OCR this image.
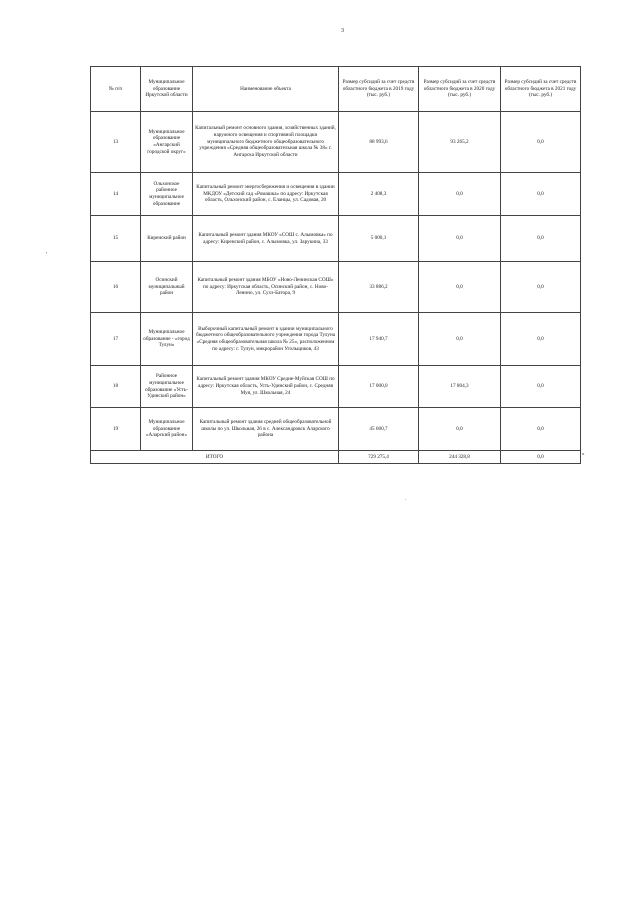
3
№ п/п	Муниципальное образование Иркутской области	Наименование объекта	Размер субсидий за счет средств областного бюджета в 2019 году (тыс. руб.)	Размер субсидий за счет средств областного бюджета в 2020 году (тыс. руб.)	Размер субсидий за счет средств областного бюджета в 2021 году (тыс. руб.)
13	Муниципальное образование «Ангарский городской округ»	Капитальный ремонт основного здания, хозяйственных зданий, наружного освещения и спортивной площадки муниципального бюджетного общеобразовательного учреждения «Средняя общеобразовательная школа № 38» г. Ангарска Иркутской области	88 993,6	93 265,2	0,0
14	Ольхонское районное муниципальное образование	Капитальный ремонт энергосбережения и освещения в здании МКДОУ «Детский сад «Ромашка» по адресу: Иркутская область, Ольхонский район, с. Еланцы, ул. Садовая, 20	2 408,3	0,0	0,0
15	Киренский район	Капитальный ремонт здания МКОУ «СОШ с. Алымовка» по адресу: Киренский район, с. Алымовка, ул. Зарукина, 33	5 000,1	0,0	0,0
16	Осинский муниципальный район	Капитальный ремонт здания МБОУ «Ново-Ленинская СОШ» по адресу: Иркутская область, Осинский район, с. Ново-Ленино, ул. Сухэ-Батора, 9	33 886,2	0,0	0,0
17	Муниципальное образование - «город Тулун»	Выборочный капитальный ремонт в здании муниципального бюджетного общеобразовательного учреждения города Тулуна «Средняя общеобразовательная школа № 25», расположенном по адресу: г. Тулун, микрорайон Угольщиков, 43	17 940,7	0,0	0,0
18	Районное муниципальное образование «Усть-Удинский район»	Капитальный ремонт здания МКОУ Средне-Муйская СОШ по адресу: Иркутская область, Усть-Удинский район, с. Средняя Муя, ул. Школьная, 24	17 000,0	17 804,3	0,0
19	Муниципальное образование «Аларский район»	Капитальный ремонт здания средней общеобразовательной школы по ул. Школьная, 26 в с. Александровск Аларского района	45 600,7	0,0	0,0
ИТОГО			729 275,4	244 328,8	0,0	»
'
.
